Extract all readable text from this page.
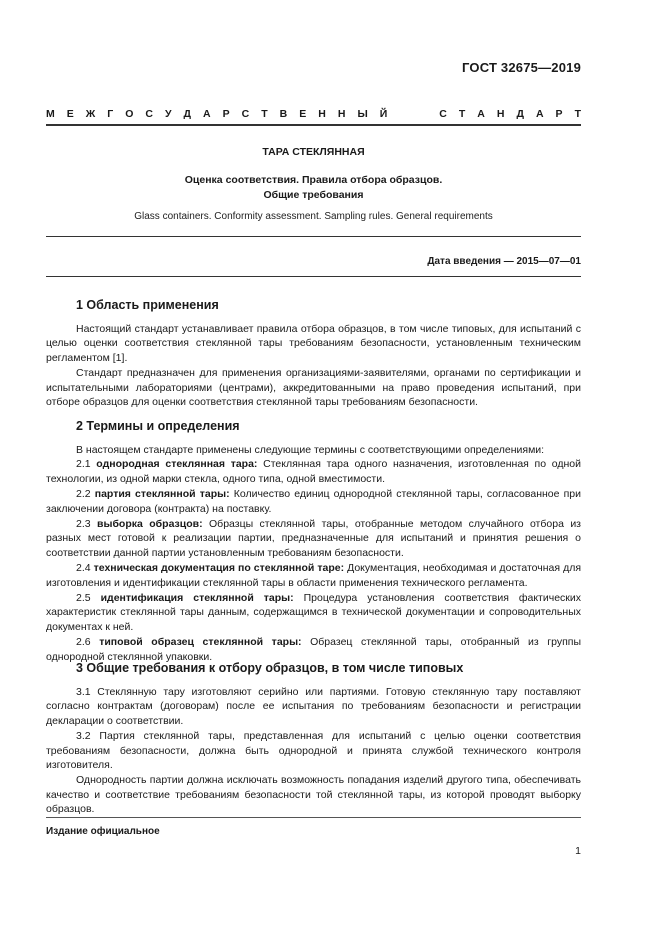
ГОСТ 32675—2019
М Е Ж Г О С У Д А Р С Т В Е Н Н Ы Й	С Т А Н Д А Р Т
ТАРА СТЕКЛЯННАЯ
Оценка соответствия. Правила отбора образцов.
Общие требования
Glass containers. Conformity assessment. Sampling rules. General requirements
Дата введения — 2015—07—01
1 Область применения

Настоящий стандарт устанавливает правила отбора образцов, в том числе типовых, для испытаний с целью оценки соответствия стеклянной тары требованиям безопасности, установленным техническим регламентом [1].

Стандарт предназначен для применения организациями-заявителями, органами по сертификации и испытательными лабораториями (центрами), аккредитованными на право проведения испытаний, при отборе образцов для оценки соответствия стеклянной тары требованиям безопасности.

2 Термины и определения

В настоящем стандарте применены следующие термины с соответствующими определениями:

2.1 однородная стеклянная тара: Стеклянная тара одного назначения, изготовленная по одной технологии, из одной марки стекла, одного типа, одной вместимости.

2.2 партия стеклянной тары: Количество единиц однородной стеклянной тары, согласованное при заключении договора (контракта) на поставку.

2.3 выборка образцов: Образцы стеклянной тары, отобранные методом случайного отбора из разных мест готовой к реализации партии, предназначенные для испытаний и принятия решения о соответствии данной партии установленным требованиям безопасности.

2.4 техническая документация по стеклянной таре: Документация, необходимая и достаточная для изготовления и идентификации стеклянной тары в области применения технического регламента.

2.5 идентификация стеклянной тары: Процедура установления соответствия фактических характеристик стеклянной тары данным, содержащимся в технической документации и сопроводительных документах к ней.

2.6 типовой образец стеклянной тары: Образец стеклянной тары, отобранный из группы однородной стеклянной упаковки.

3 Общие требования к отбору образцов, в том числе типовых

3.1 Стеклянную тару изготовляют серийно или партиями. Готовую стеклянную тару поставляют согласно контрактам (договорам) после ее испытания по требованиям безопасности и регистрации декларации о соответствии.

3.2 Партия стеклянной тары, представленная для испытаний с целью оценки соответствия требованиям безопасности, должна быть однородной и принята службой технического контроля изготовителя.

Однородность партии должна исключать возможность попадания изделий другого типа, обеспечивать качество и соответствие требованиям безопасности той стеклянной тары, из которой проводят выборку образцов.

Издание официальное
1
